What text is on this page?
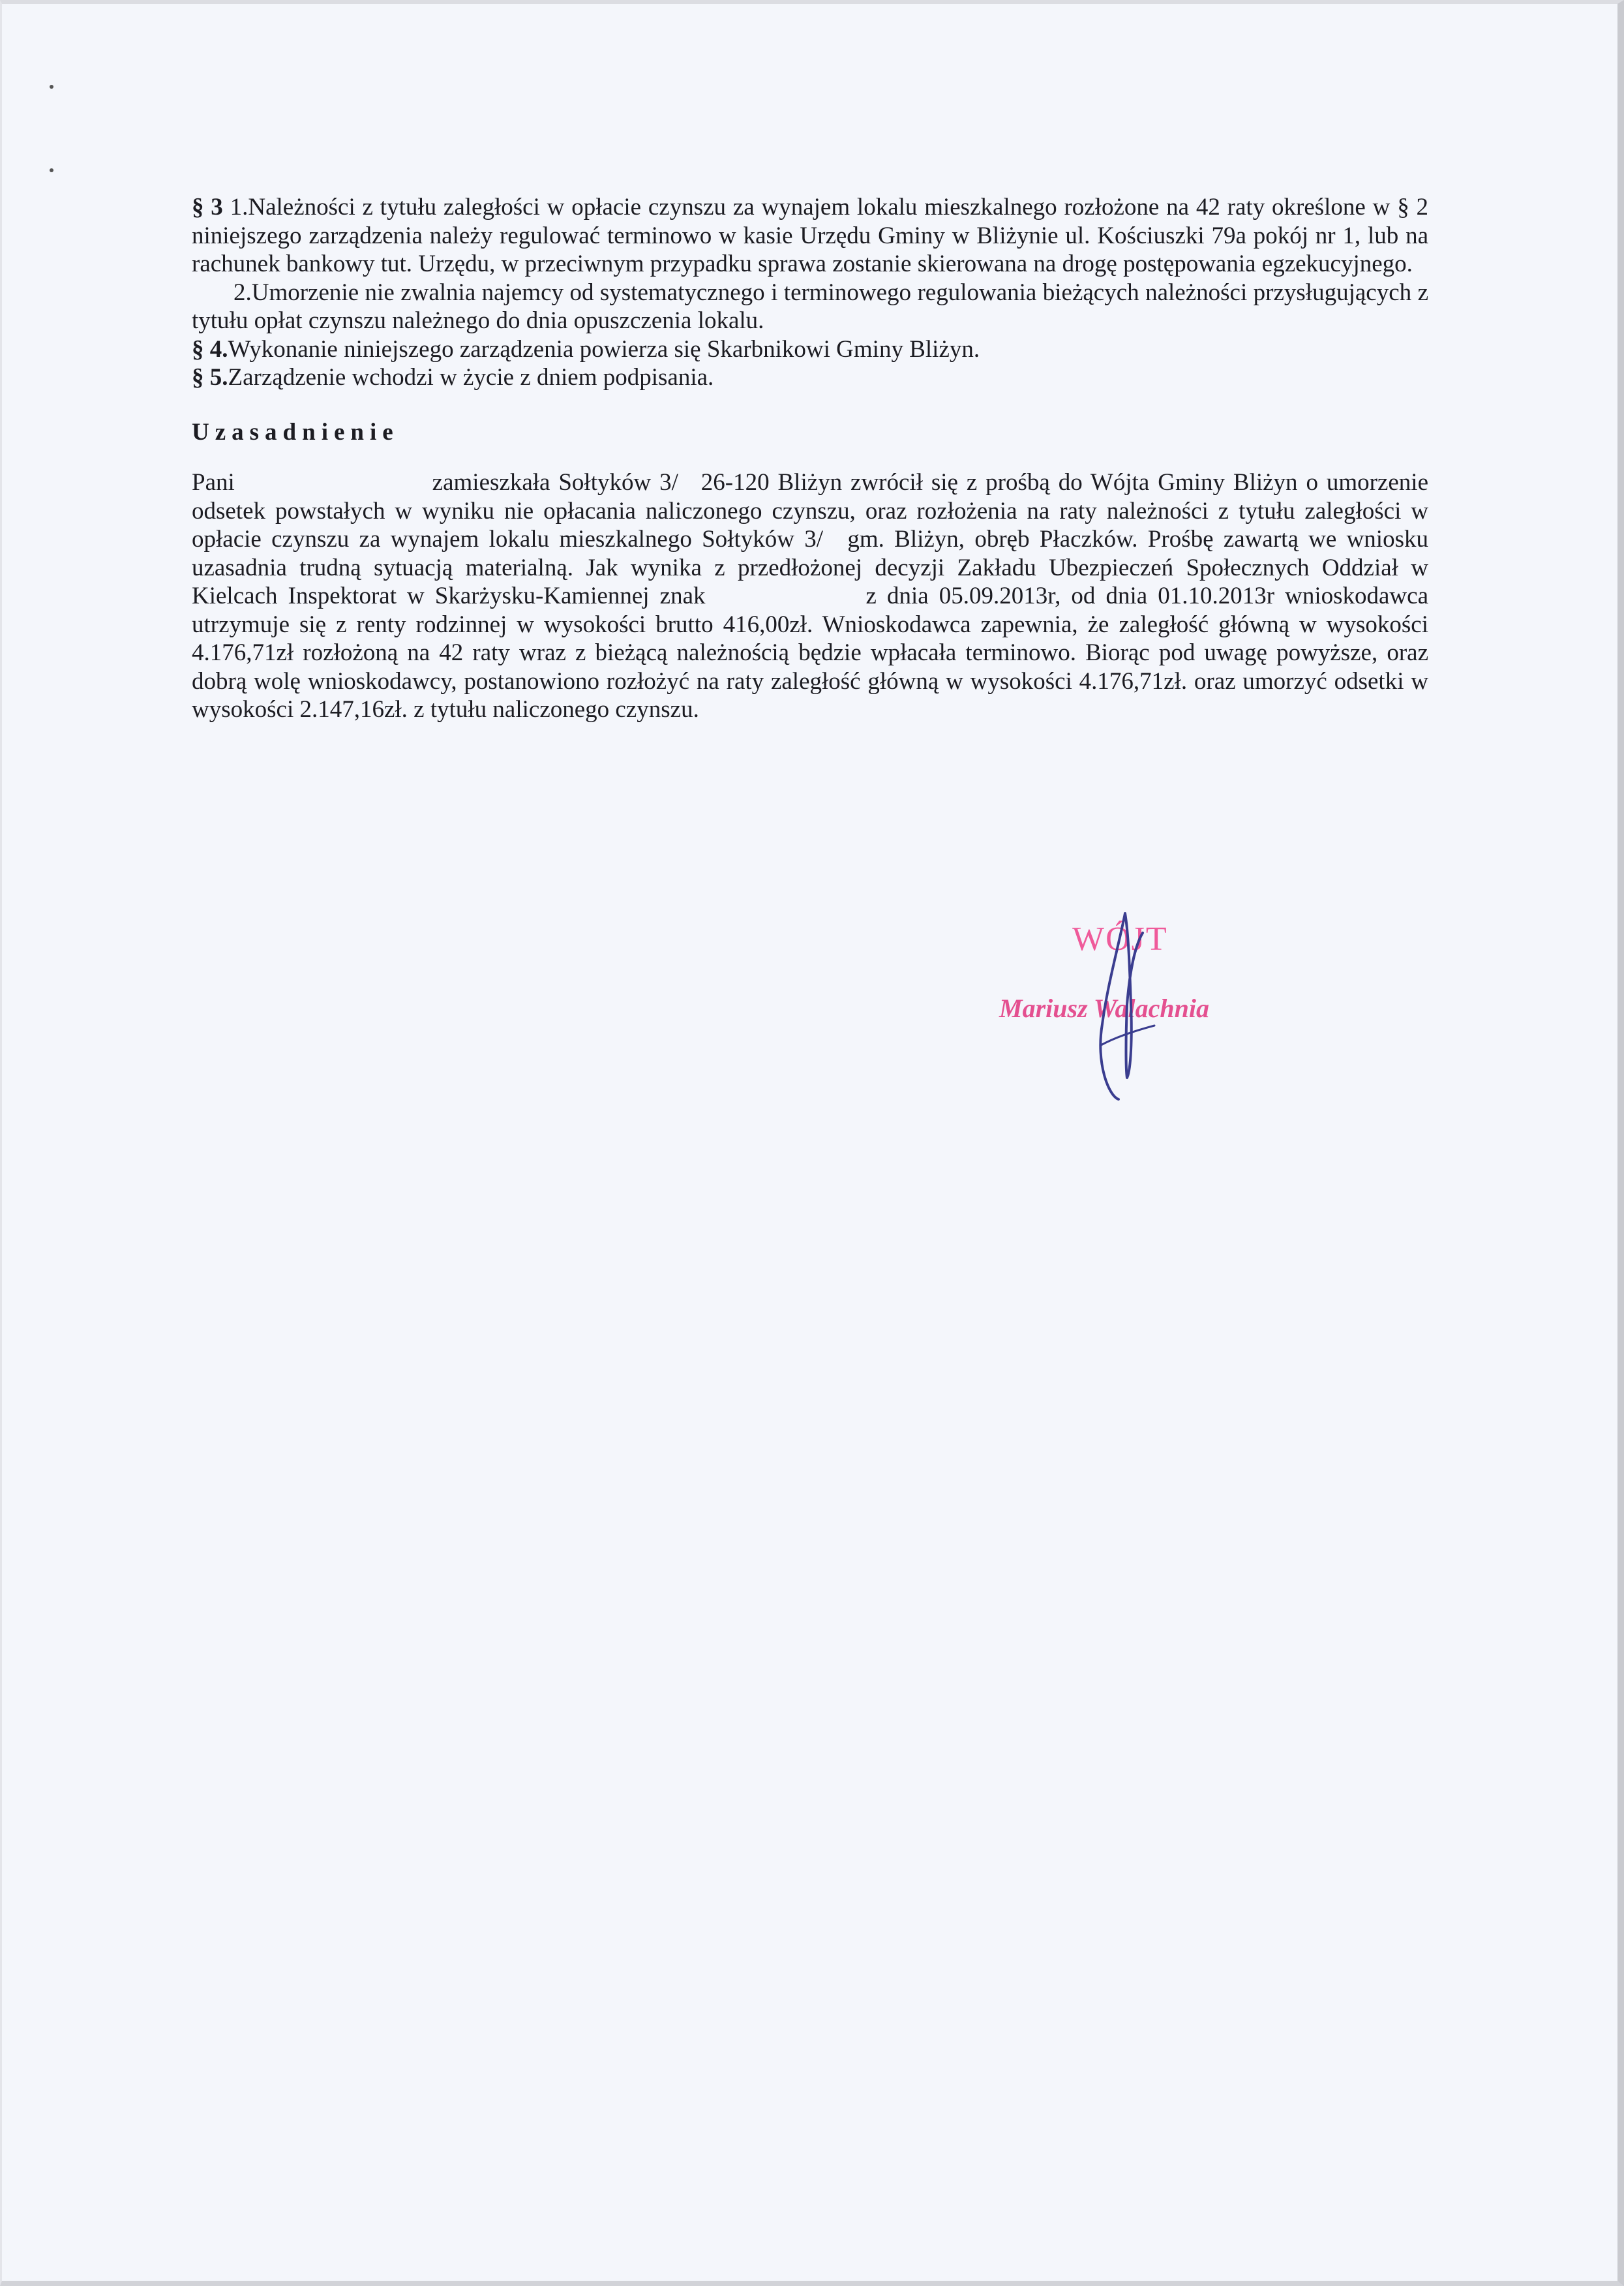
§ 3 1.Należności z tytułu zaległości w opłacie czynszu za wynajem lokalu mieszkalnego rozłożone na 42 raty określone w § 2 niniejszego zarządzenia należy regulować terminowo w kasie Urzędu Gminy w Bliżynie ul. Kościuszki 79a pokój nr 1, lub na rachunek bankowy tut. Urzędu, w przeciwnym przypadku sprawa zostanie skierowana na drogę postępowania egzekucyjnego.

2.Umorzenie nie zwalnia najemcy od systematycznego i terminowego regulowania bieżących należności przysługujących z tytułu opłat czynszu należnego do dnia opuszczenia lokalu.

§ 4.Wykonanie niniejszego zarządzenia powierza się Skarbnikowi Gminy Bliżyn.

§ 5.Zarządzenie wchodzi w życie z dniem podpisania.

Uzasadnienie

Pani	zamieszkała Sołtyków 3/ 26-120 Bliżyn zwrócił się z prośbą do Wójta Gminy Bliżyn o umorzenie odsetek powstałych w wyniku nie opłacania naliczonego czynszu, oraz rozłożenia na raty należności z tytułu zaległości w opłacie czynszu za wynajem lokalu mieszkalnego Sołtyków 3/ gm. Bliżyn, obręb Płaczków. Prośbę zawartą we wniosku uzasadnia trudną sytuacją materialną. Jak wynika z przedłożonej decyzji Zakładu Ubezpieczeń Społecznych Oddział w Kielcach Inspektorat w Skarżysku-Kamiennej znak	z dnia 05.09.2013r, od dnia 01.10.2013r wnioskodawca utrzymuje się z renty rodzinnej w wysokości brutto 416,00zł. Wnioskodawca zapewnia, że zaległość główną w wysokości 4.176,71zł rozłożoną na 42 raty wraz z bieżącą należnością będzie wpłacała terminowo. Biorąc pod uwagę powyższe, oraz dobrą wolę wnioskodawcy, postanowiono rozłożyć na raty zaległość główną w wysokości 4.176,71zł. oraz umorzyć odsetki w wysokości 2.147,16zł. z tytułu naliczonego czynszu.

WÓJT
Mariusz Walachnia
